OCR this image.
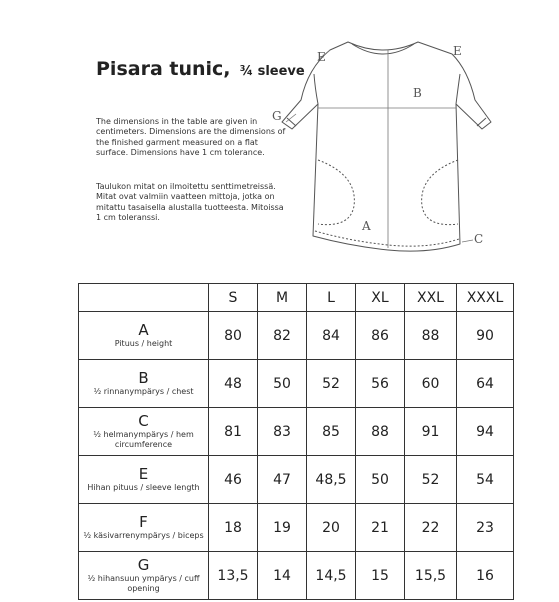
Pisara tunic, ¾ sleeve

The dimensions in the table are given in centimeters. Dimensions are the dimensions of the finished garment measured on a flat surface. Dimensions have 1 cm tolerance.

Taulukon mitat on ilmoitettu senttimetreissä. Mitat ovat valmiin vaatteen mittoja, jotka on mitattu tasaisella alustalla tuotteesta. Mitoissa 1 cm toleranssi.

E	E
B
G
A
C
	S	M	L	XL	XXL	XXXL

A
Pituus / height	80	82	84	86	88	90

B
½ rinnanympärys / chest	48	50	52	56	60	64

C
½ helmanympärys / hem circumference	81	83	85	88	91	94

E
Hihan pituus / sleeve length	46	47	48,5	50	52	54

F
½ käsivarrenympärys / biceps	18	19	20	21	22	23

G
½ hihansuun ympärys / cuff opening	13,5	14	14,5	15	15,5	16
